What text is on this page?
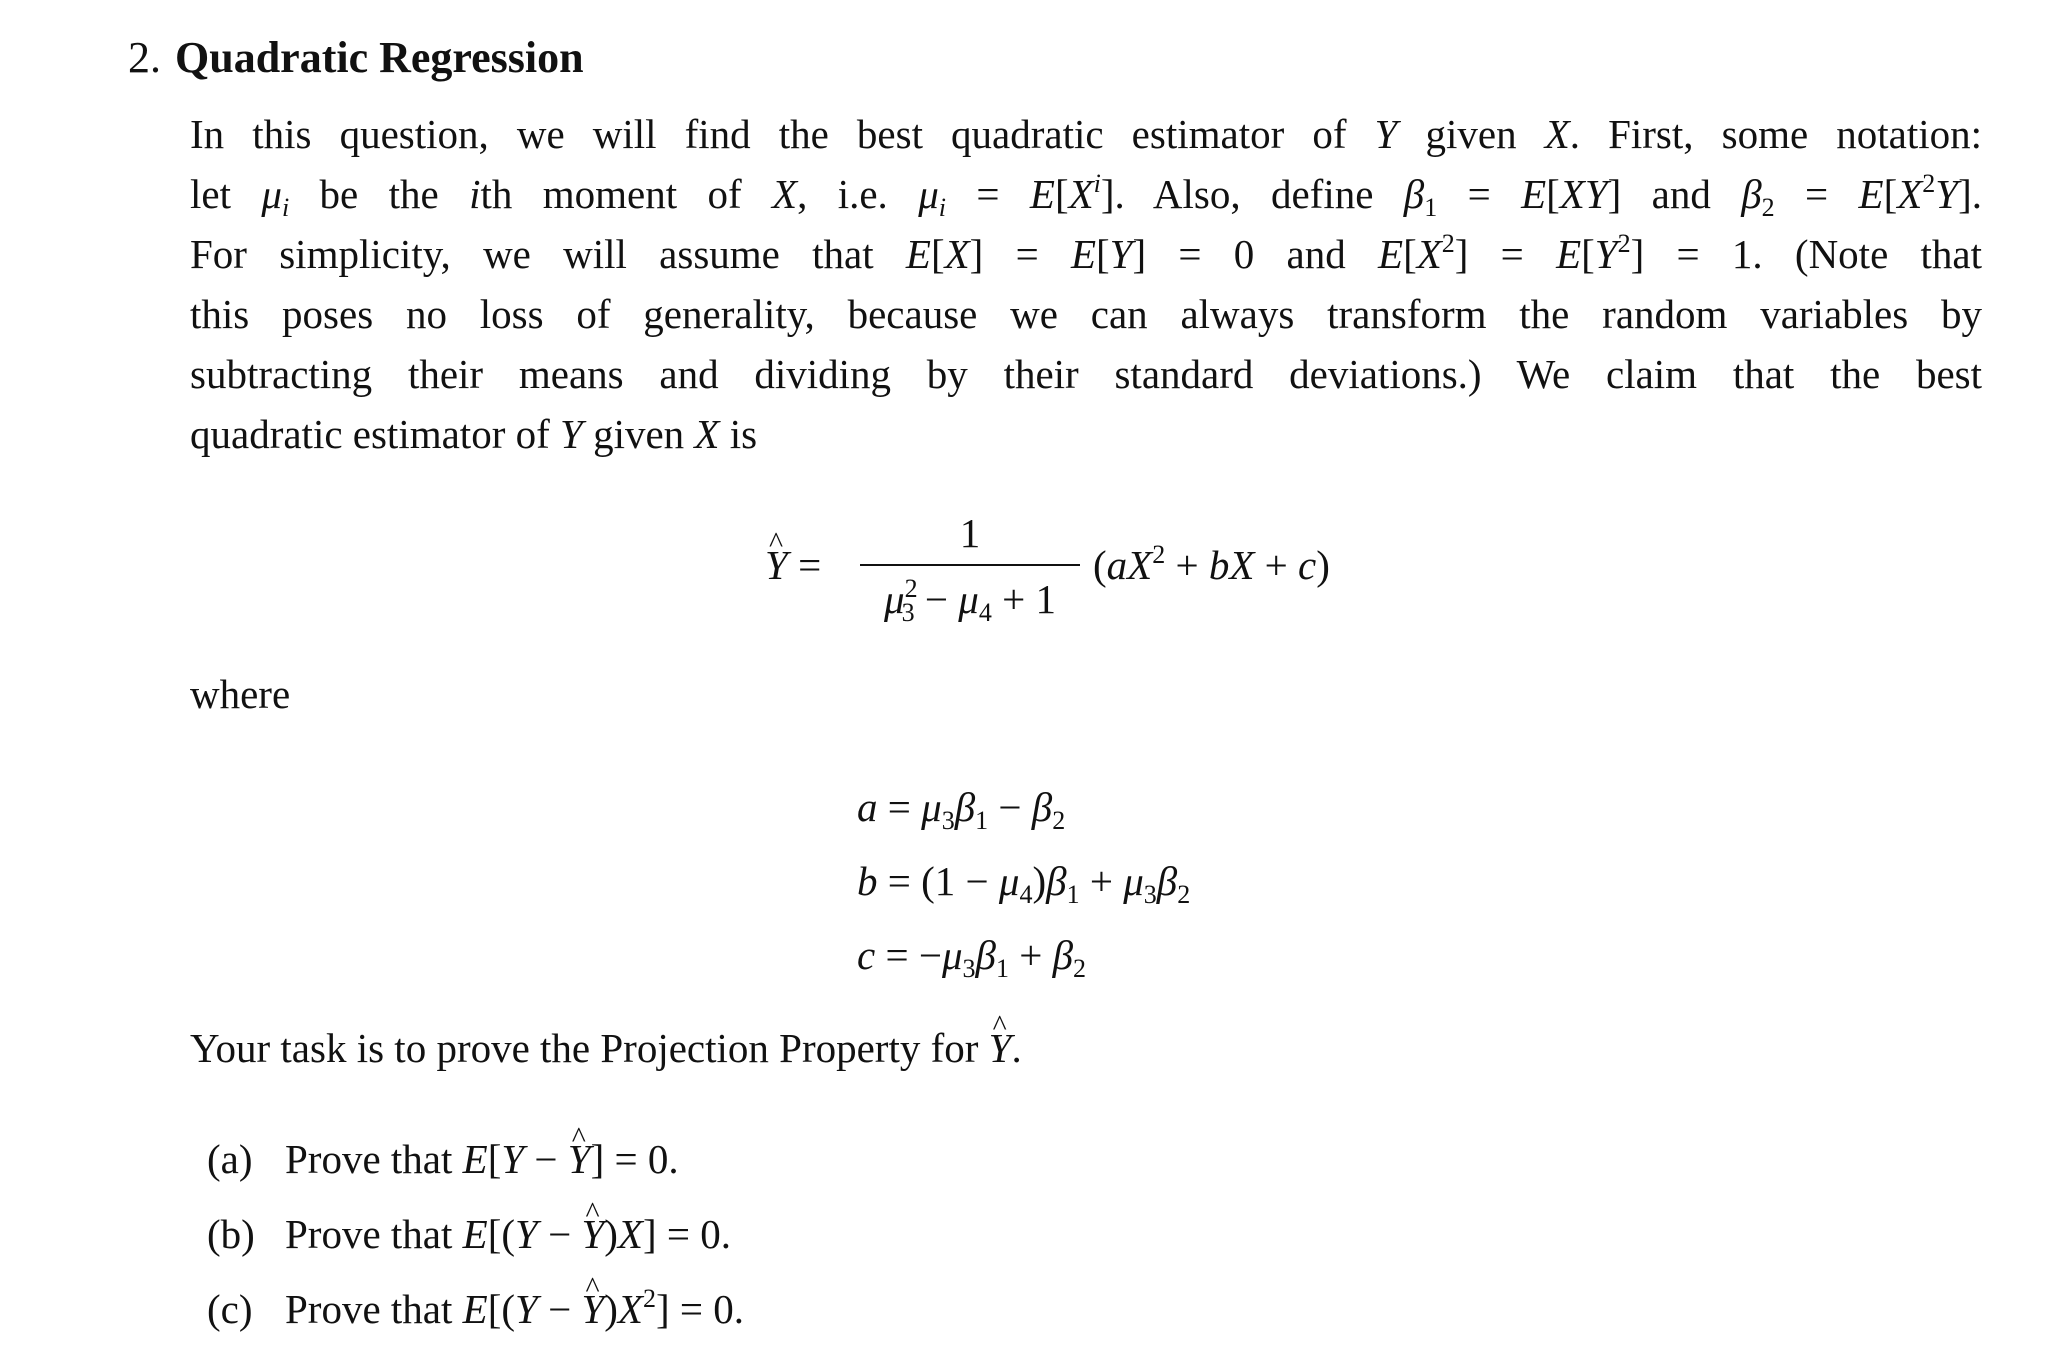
2. Quadratic Regression
In this question, we will find the best quadratic estimator of Y given X. First, some notation:
let $\mu_i$ be the ith moment of X, i.e. $\mu_i = E[X^i]$. Also, define $\beta_1 = E[XY]$ and $\beta_2 = E[X^2Y]$.
For simplicity, we will assume that E[X] = E[Y] = 0 and $E[X^2] = E[Y^2] = 1$. (Note that
this poses no loss of generality, because we can always transform the random variables by
subtracting their means and dividing by their standard deviations.) We claim that the best
quadratic estimator of Y given X is
^ Y =
1
$\mu^2_3 - \mu_4 + 1$
($aX^2$ + bX + c)
where
$a = \mu_3\beta_1 - \beta_2$
$b = (1 - \mu_4)\beta_1 + \mu_3\beta_2$
$c = -\mu_3\beta_1 + \beta_2$
Your task is to prove the Projection Property for ^ Y.
(a) Prove that E[Y − ^ Y] = 0.
(b) Prove that E[(Y − ^ Y)X] = 0.
(c) Prove that E[(Y − ^ $Y)X^2] = 0$.
